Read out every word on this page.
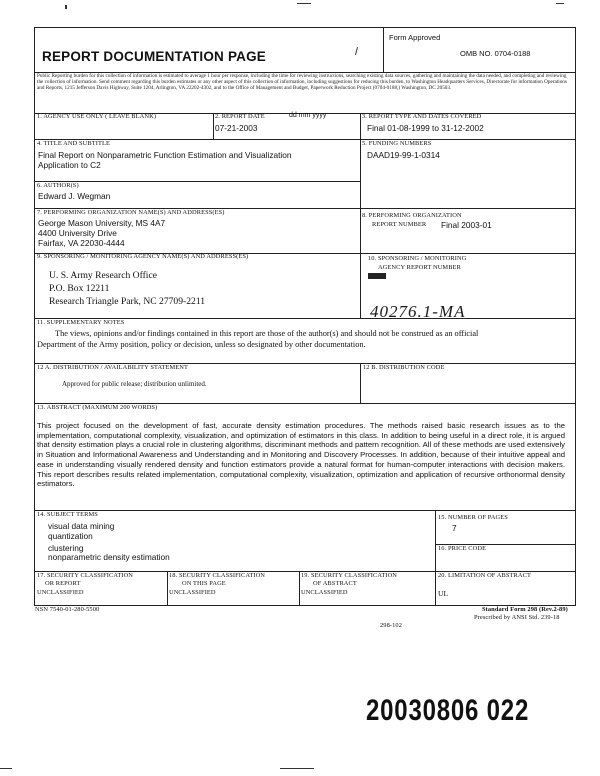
REPORT DOCUMENTATION PAGE
Form Approved
OMB NO. 0704-0188
Public Reporting burden for this collection of information is estimated to average 1 hour per response, including the time for reviewing instructions, searching existing data sources, gathering and maintaining the data needed, and completing and reviewing the collection of information. Send comment regarding this burden estimates or any other aspect of this collection of information, including suggestions for reducing this burden, to Washington Headquarters Services, Directorate for information Operations and Reports, 1215 Jefferson Davis Highway, Suite 1204, Arlington, VA 22202-4302, and to the Office of Management and Budget, Paperwork Reduction Project (0704-0188,) Washington, DC 20503.
1. AGENCY USE ONLY ( LEAVE BLANK)	2. REPORT DATE	dd mm yyyy
07-21-2003
3. REPORT TYPE AND DATES COVERED
Final 01-08-1999 to 31-12-2002
4. TITLE AND SUBTITLE
Final Report on Nonparametric Function Estimation and Visualization
Application to C2
5. FUNDING NUMBERS
DAAD19-99-1-0314
6. AUTHOR(S)
Edward J. Wegman
7. PERFORMING ORGANIZATION NAME(S) AND ADDRESS(ES)
George Mason University, MS 4A7
4400 University Drive
Fairfax, VA 22030-4444
8. PERFORMING ORGANIZATION
REPORT NUMBER Final 2003-01
9. SPONSORING / MONITORING AGENCY NAME(S) AND ADDRESS(ES)
U. S. Army Research Office
P.O. Box 12211
Research Triangle Park, NC 27709-2211
10. SPONSORING / MONITORING
AGENCY REPORT NUMBER
40276.1-MA
11. SUPPLEMENTARY NOTES
The views, opinions and/or findings contained in this report are those of the author(s) and should not be construed as an official
Department of the Army position, policy or decision, unless so designated by other documentation.
12 A. DISTRIBUTION / AVAILABILITY STATEMENT
Approved for public release; distribution unlimited.
12 B. DISTRIBUTION CODE
13. ABSTRACT (MAXIMUM 200 WORDS)
This project focused on the development of fast, accurate density estimation procedures. The methods raised basic research issues as to the implementation, computational complexity, visualization, and optimization of estimators in this class. In addition to being useful in a direct role, it is argued that density estimation plays a crucial role in clustering algorithms, discriminant methods and pattern recognition. All of these methods are used extensively in Situation and Informational Awareness and Understanding and in Monitoring and Discovery Processes. In addition, because of their intuitive appeal and ease in understanding visually rendered density and function estimators provide a natural format for human-computer interactions with decision makers. This report describes results related implementation, computational complexity, visualization, optimization and application of recursive orthonormal density estimators.
14. SUBJECT TERMS
visual data mining
quantization
clustering
nonparametric density estimation
15. NUMBER OF PAGES
7
16. PRICE CODE
17. SECURITY CLASSIFICATION
OR REPORT
UNCLASSIFIED
18. SECURITY CLASSIFICATION
ON THIS PAGE
UNCLASSIFIED
19. SECURITY CLASSIFICATION
OF ABSTRACT
UNCLASSIFIED
20. LIMITATION OF ABSTRACT
UL
NSN 7540-01-280-5500	Standard Form 298 (Rev.2-89)
Prescribed by ANSI Std. 239-18
298-102
20030806 022
